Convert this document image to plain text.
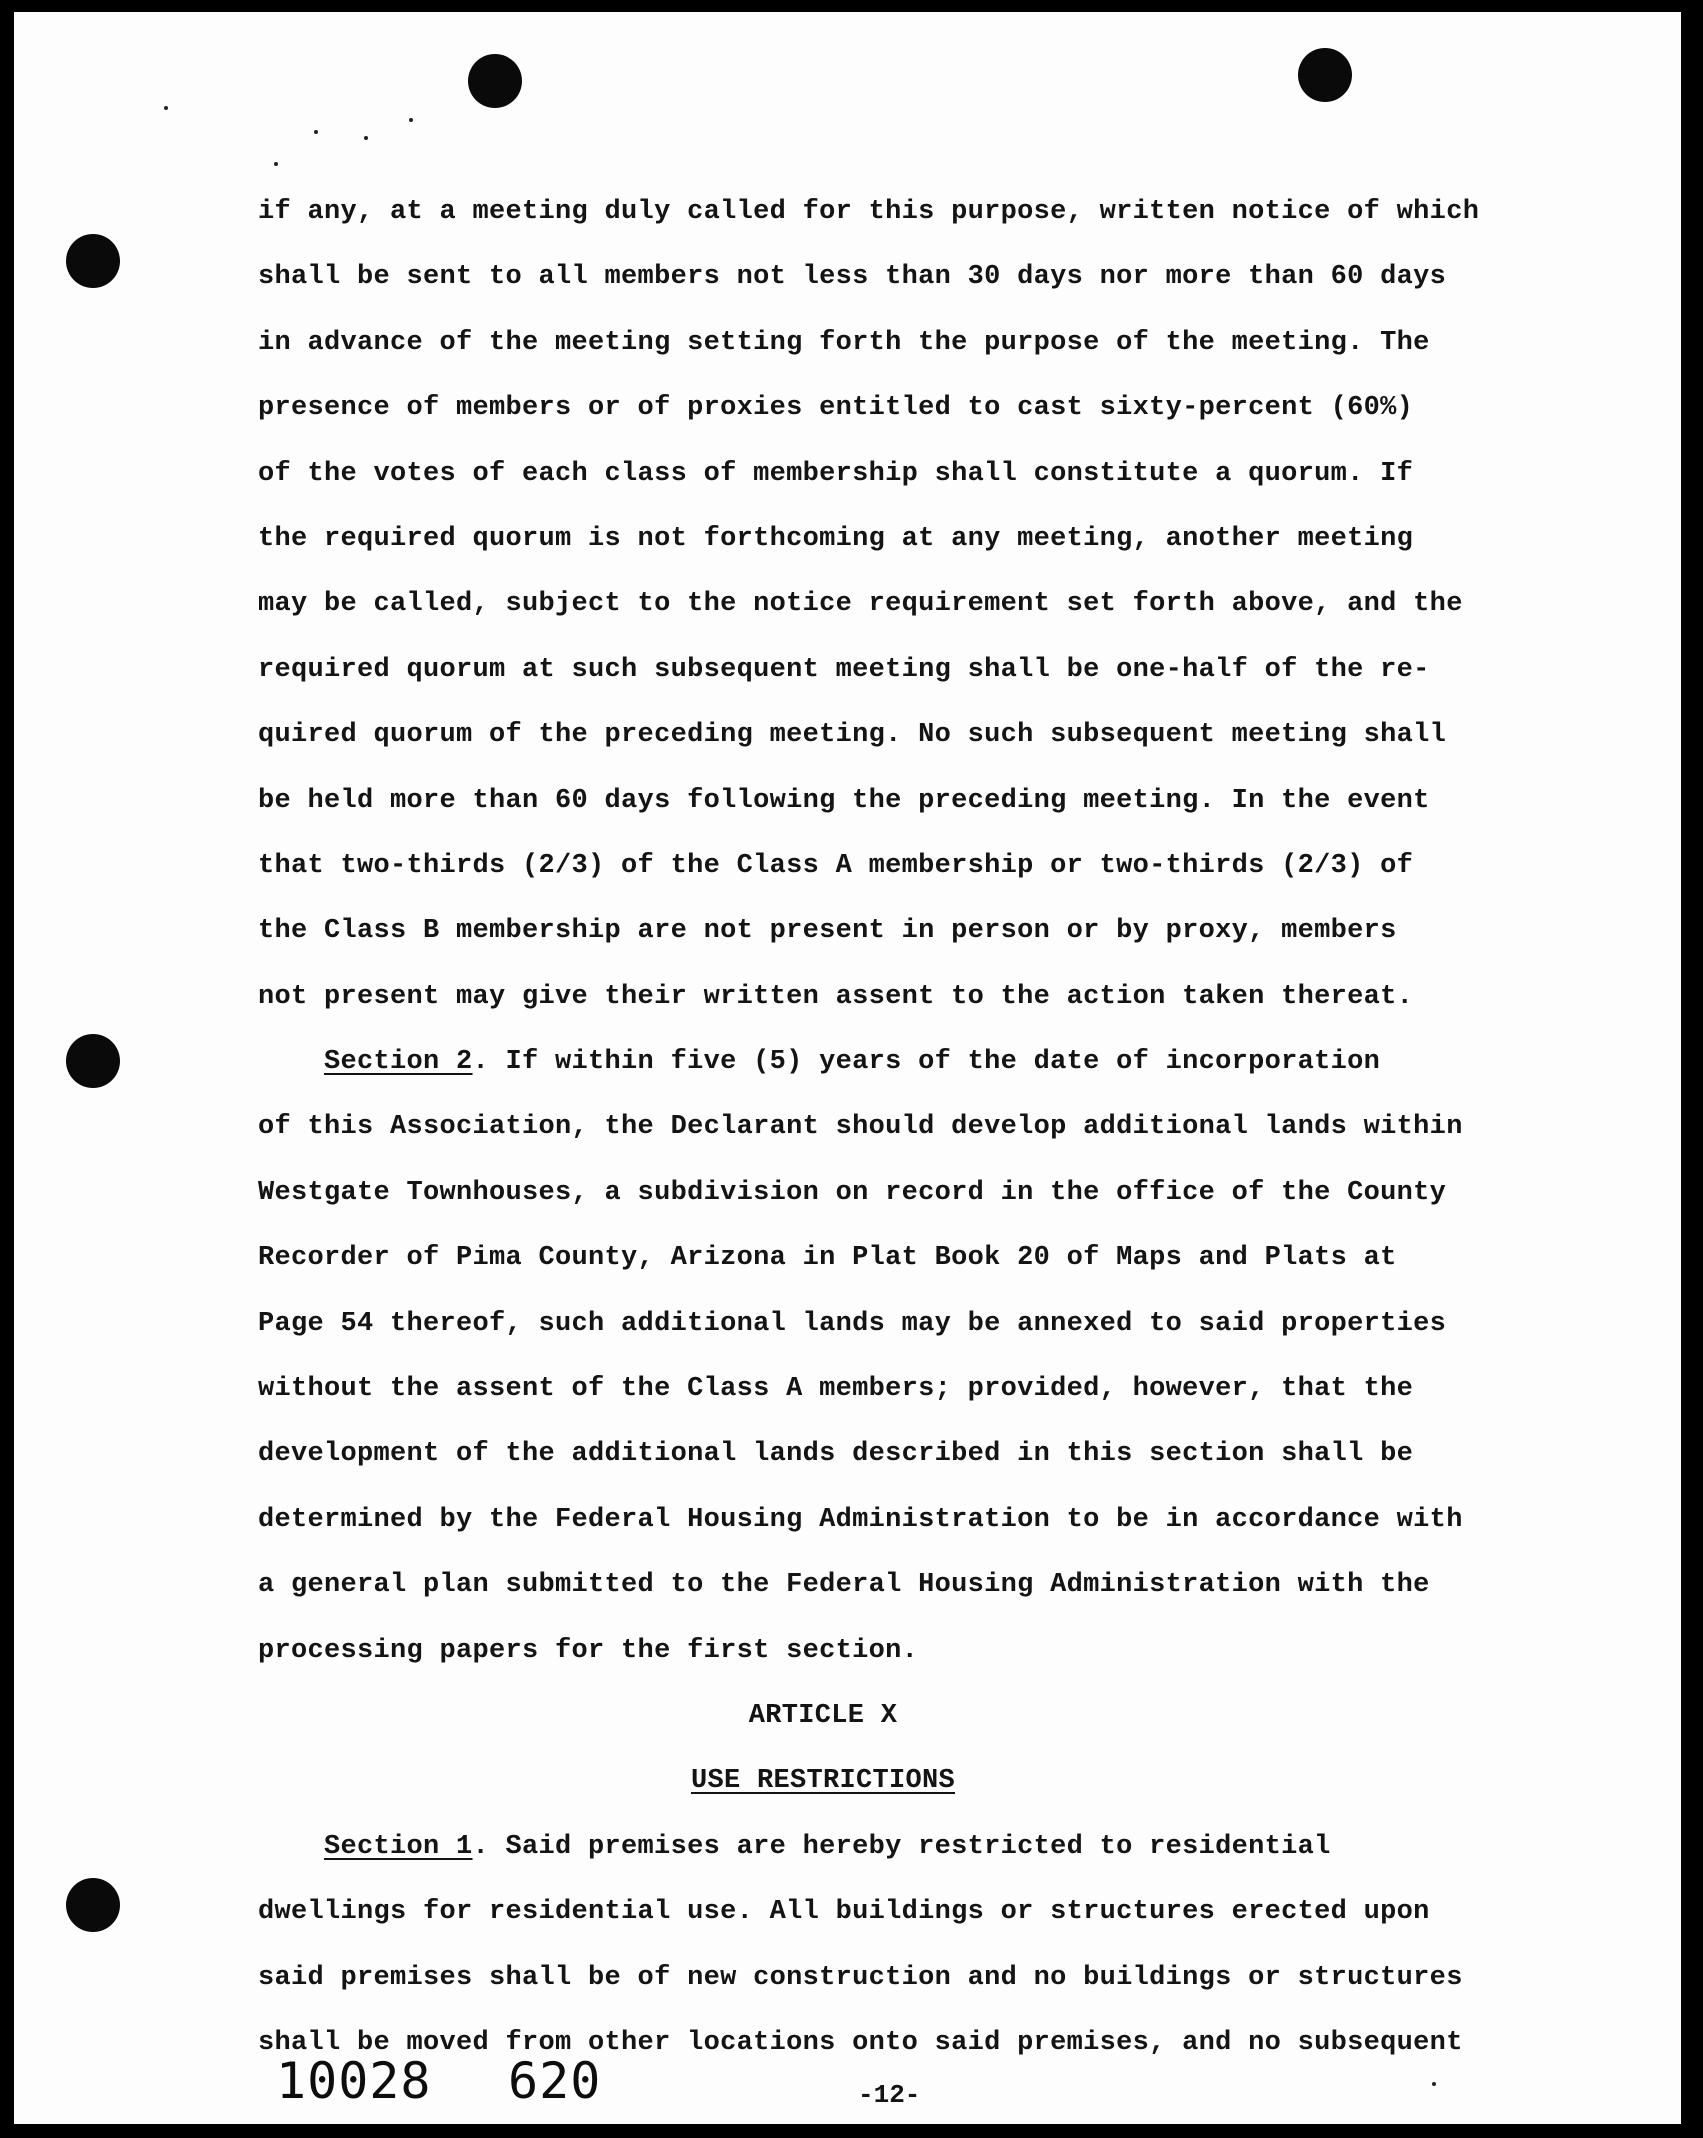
if any, at a meeting duly called for this purpose, written notice of which
shall be sent to all members not less than 30 days nor more than 60 days
in advance of the meeting setting forth the purpose of the meeting. The
presence of members or of proxies entitled to cast sixty-percent (60%)
of the votes of each class of membership shall constitute a quorum. If
the required quorum is not forthcoming at any meeting, another meeting
may be called, subject to the notice requirement set forth above, and the
required quorum at such subsequent meeting shall be one-half of the re-
quired quorum of the preceding meeting. No such subsequent meeting shall
be held more than 60 days following the preceding meeting. In the event
that two-thirds (2/3) of the Class A membership or two-thirds (2/3) of
the Class B membership are not present in person or by proxy, members
not present may give their written assent to the action taken thereat.
Section 2. If within five (5) years of the date of incorporation
of this Association, the Declarant should develop additional lands within
Westgate Townhouses, a subdivision on record in the office of the County
Recorder of Pima County, Arizona in Plat Book 20 of Maps and Plats at
Page 54 thereof, such additional lands may be annexed to said properties
without the assent of the Class A members; provided, however, that the
development of the additional lands described in this section shall be
determined by the Federal Housing Administration to be in accordance with
a general plan submitted to the Federal Housing Administration with the
processing papers for the first section.
ARTICLE X
USE RESTRICTIONS
Section 1. Said premises are hereby restricted to residential
dwellings for residential use. All buildings or structures erected upon
said premises shall be of new construction and no buildings or structures
shall be moved from other locations onto said premises, and no subsequent
10028 620	-12-
